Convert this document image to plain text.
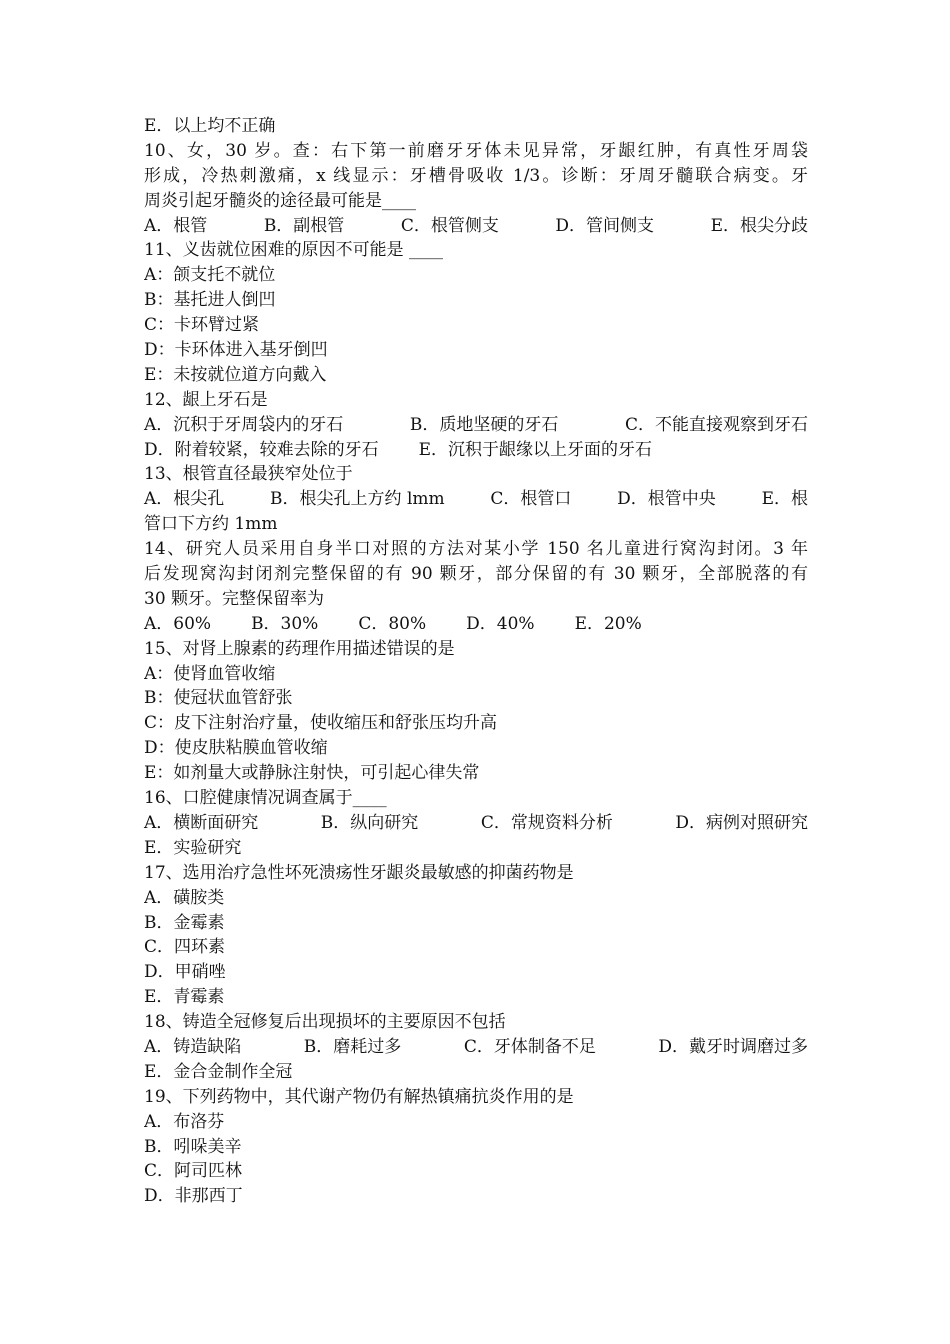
E．以上均不正确
10、女，30 岁。查：右下第一前磨牙牙体未见异常，牙龈红肿，有真性牙周袋
形成，冷热刺激痛，x 线显示：牙槽骨吸收 1/3。诊断：牙周牙髓联合病变。牙
周炎引起牙髓炎的途径最可能是____
A．根管	B．副根管	C．根管侧支	D．管间侧支	E．根尖分歧
11、义齿就位困难的原因不可能是 ____
A：颌支托不就位
B：基托进人倒凹
C：卡环臂过紧
D：卡环体进入基牙倒凹
E：未按就位道方向戴入
12、龈上牙石是
A．沉积于牙周袋内的牙石	B．质地坚硬的牙石	C．不能直接观察到牙石
D．附着较紧，较难去除的牙石 E．沉积于龈缘以上牙面的牙石
13、根管直径最狭窄处位于
A．根尖孔	B．根尖孔上方约 lmm	C．根管口	D．根管中央	E．根
管口下方约 1mm
14、研究人员采用自身半口对照的方法对某小学 150 名儿童进行窝沟封闭。3 年
后发现窝沟封闭剂完整保留的有 90 颗牙，部分保留的有 30 颗牙，全部脱落的有
30 颗牙。完整保留率为
A．60% B．30% C．80% D．40% E．20%
15、对肾上腺素的药理作用描述错误的是
A：使肾血管收缩
B：使冠状血管舒张
C：皮下注射治疗量，使收缩压和舒张压均升高
D：使皮肤粘膜血管收缩
E：如剂量大或静脉注射快，可引起心律失常
16、口腔健康情况调查属于____
A．横断面研究	B．纵向研究	C．常规资料分析	D．病例对照研究
E．实验研究
17、选用治疗急性坏死溃疡性牙龈炎最敏感的抑菌药物是
A．磺胺类
B．金霉素
C．四环素
D．甲硝唑
E．青霉素
18、铸造全冠修复后出现损坏的主要原因不包括
A．铸造缺陷	B．磨耗过多	C．牙体制备不足	D．戴牙时调磨过多
E．金合金制作全冠
19、下列药物中，其代谢产物仍有解热镇痛抗炎作用的是
A．布洛芬
B．吲哚美辛
C．阿司匹林
D．非那西丁
